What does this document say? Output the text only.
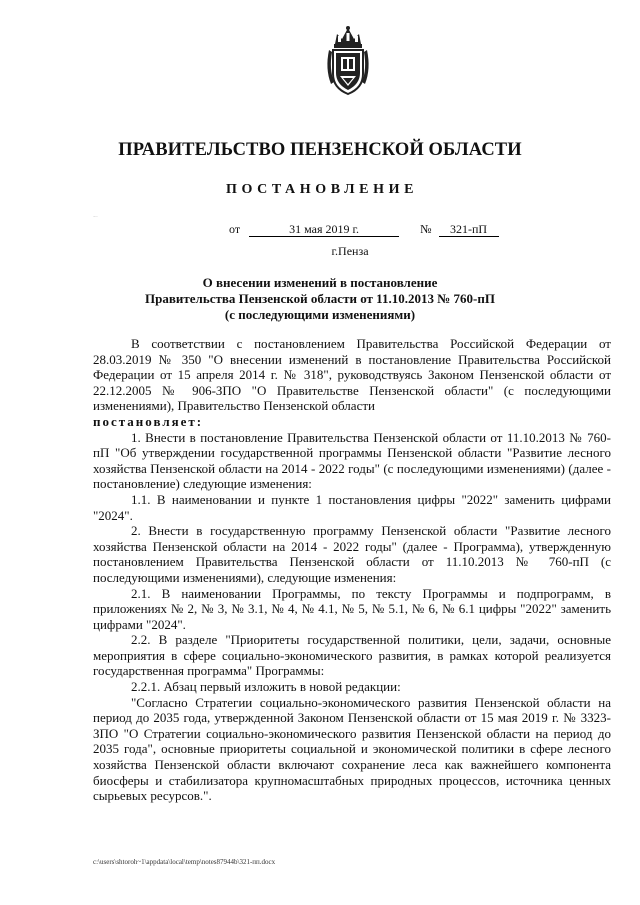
ПРАВИТЕЛЬСТВО ПЕНЗЕНСКОЙ ОБЛАСТИ
ПОСТАНОВЛЕНИЕ
......
от	31 мая 2019 г.	№ 321-пП
г.Пенза
О внесении изменений в постановление
Правительства Пензенской области от 11.10.2013 № 760-пП
(с последующими изменениями)

В соответствии с постановлением Правительства Российской Федерации от 28.03.2019 № 350 "О внесении изменений в постановление Правительства Российской Федерации от 15 апреля 2014 г. № 318", руководствуясь Законом Пензенской области от 22.12.2005 № 906-ЗПО "О Правительстве Пензенской области" (с последующими изменениями), Правительство Пензенской области

постановляет:

1. Внести в постановление Правительства Пензенской области от 11.10.2013 № 760-пП "Об утверждении государственной программы Пензенской области "Развитие лесного хозяйства Пензенской области на 2014 - 2022 годы" (с последующими изменениями) (далее - постановление) следующие изменения:

1.1. В наименовании и пункте 1 постановления цифры "2022" заменить цифрами "2024".

2. Внести в государственную программу Пензенской области "Развитие лесного хозяйства Пензенской области на 2014 - 2022 годы" (далее - Программа), утвержденную постановлением Правительства Пензенской области от 11.10.2013 № 760-пП (с последующими изменениями), следующие изменения:

2.1. В наименовании Программы, по тексту Программы и подпрограмм, в приложениях № 2, № 3, № 3.1, № 4, № 4.1, № 5, № 5.1, № 6, № 6.1 цифры "2022" заменить цифрами "2024".

2.2. В разделе "Приоритеты государственной политики, цели, задачи, основные мероприятия в сфере социально-экономического развития, в рамках которой реализуется государственная программа" Программы:

2.2.1. Абзац первый изложить в новой редакции:

"Согласно Стратегии социально-экономического развития Пензенской области на период до 2035 года, утвержденной Законом Пензенской области от 15 мая 2019 г. № 3323-ЗПО "О Стратегии социально-экономического развития Пензенской области на период до 2035 года", основные приоритеты социальной и экономической политики в сфере лесного хозяйства Пензенской области включают сохранение леса как важнейшего компонента биосферы и стабилизатора крупномасштабных природных процессов, источника ценных сырьевых ресурсов.".

c:\users\shtoroh~1\appdata\local\temp\notes87944b\321-пп.docx
